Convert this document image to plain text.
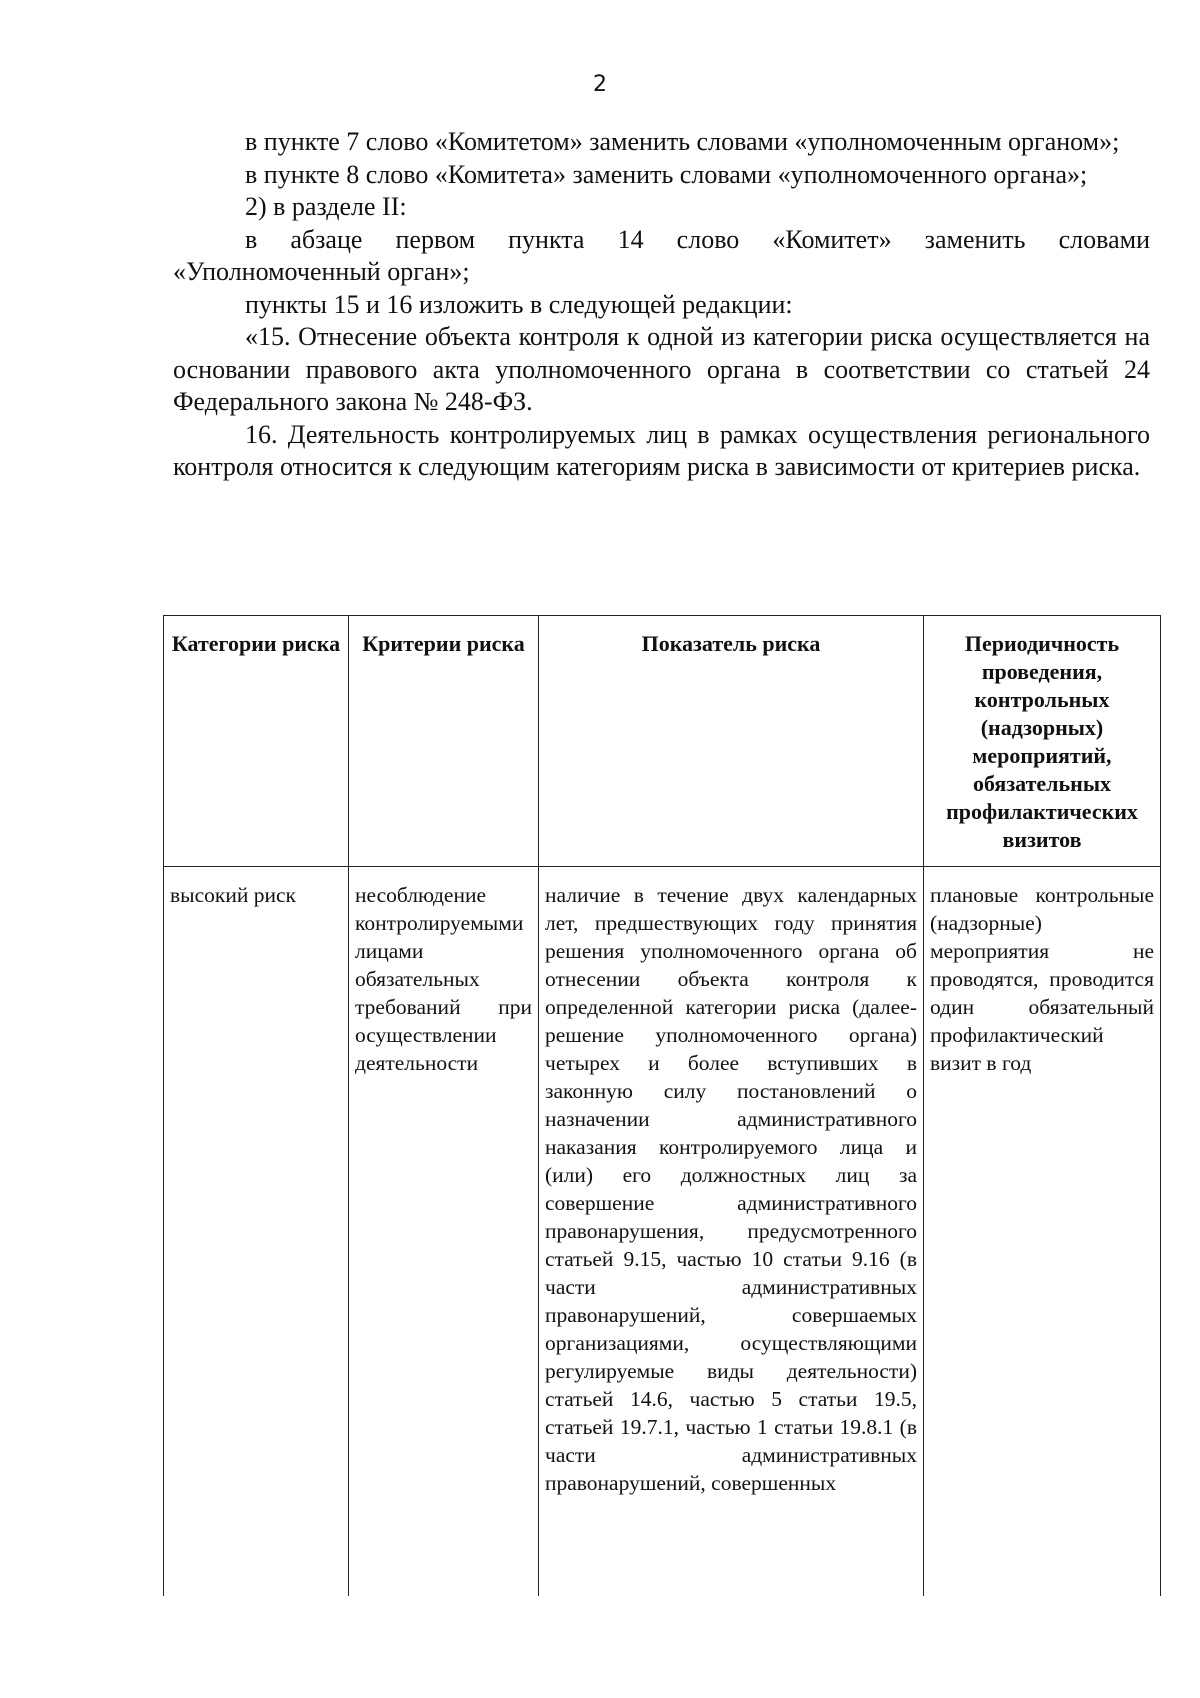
2

в пункте 7 слово «Комитетом» заменить словами «уполномоченным органом»;

в пункте 8 слово «Комитета» заменить словами «уполномоченного органа»;

2) в разделе II:

в абзаце первом пункта 14 слово «Комитет» заменить словами «Уполномоченный орган»;

пункты 15 и 16 изложить в следующей редакции:

«15. Отнесение объекта контроля к одной из категории риска осуществляется на основании правового акта уполномоченного органа в соответствии со статьей 24 Федерального закона № 248-ФЗ.

16. Деятельность контролируемых лиц в рамках осуществления регионального контроля относится к следующим категориям риска в зависимости от критериев риска.

Категории риска	Критерии риска	Показатель риска	Периодичность проведения, контрольных (надзорных) мероприятий, обязательных профилактических визитов
высокий риск	несоблюдение контролируемыми лицами обязательных требований при осуществлении деятельности	наличие в течение двух календарных лет, предшествующих году принятия решения уполномоченного органа об отнесении объекта контроля к определенной категории риска (далее- решение уполномоченного органа) четырех и более вступивших в законную силу постановлений о назначении административного наказания контролируемого лица и (или) его должностных лиц за совершение административного правонарушения, предусмотренного статьей 9.15, частью 10 статьи 9.16 (в части административных правонарушений, совершаемых организациями, осуществляющими регулируемые виды деятельности) статьей 14.6, частью 5 статьи 19.5, статьей 19.7.1, частью 1 статьи 19.8.1 (в части административных правонарушений, совершенных	плановые контрольные (надзорные) мероприятия не проводятся, проводится один обязательный профилактический визит в год
